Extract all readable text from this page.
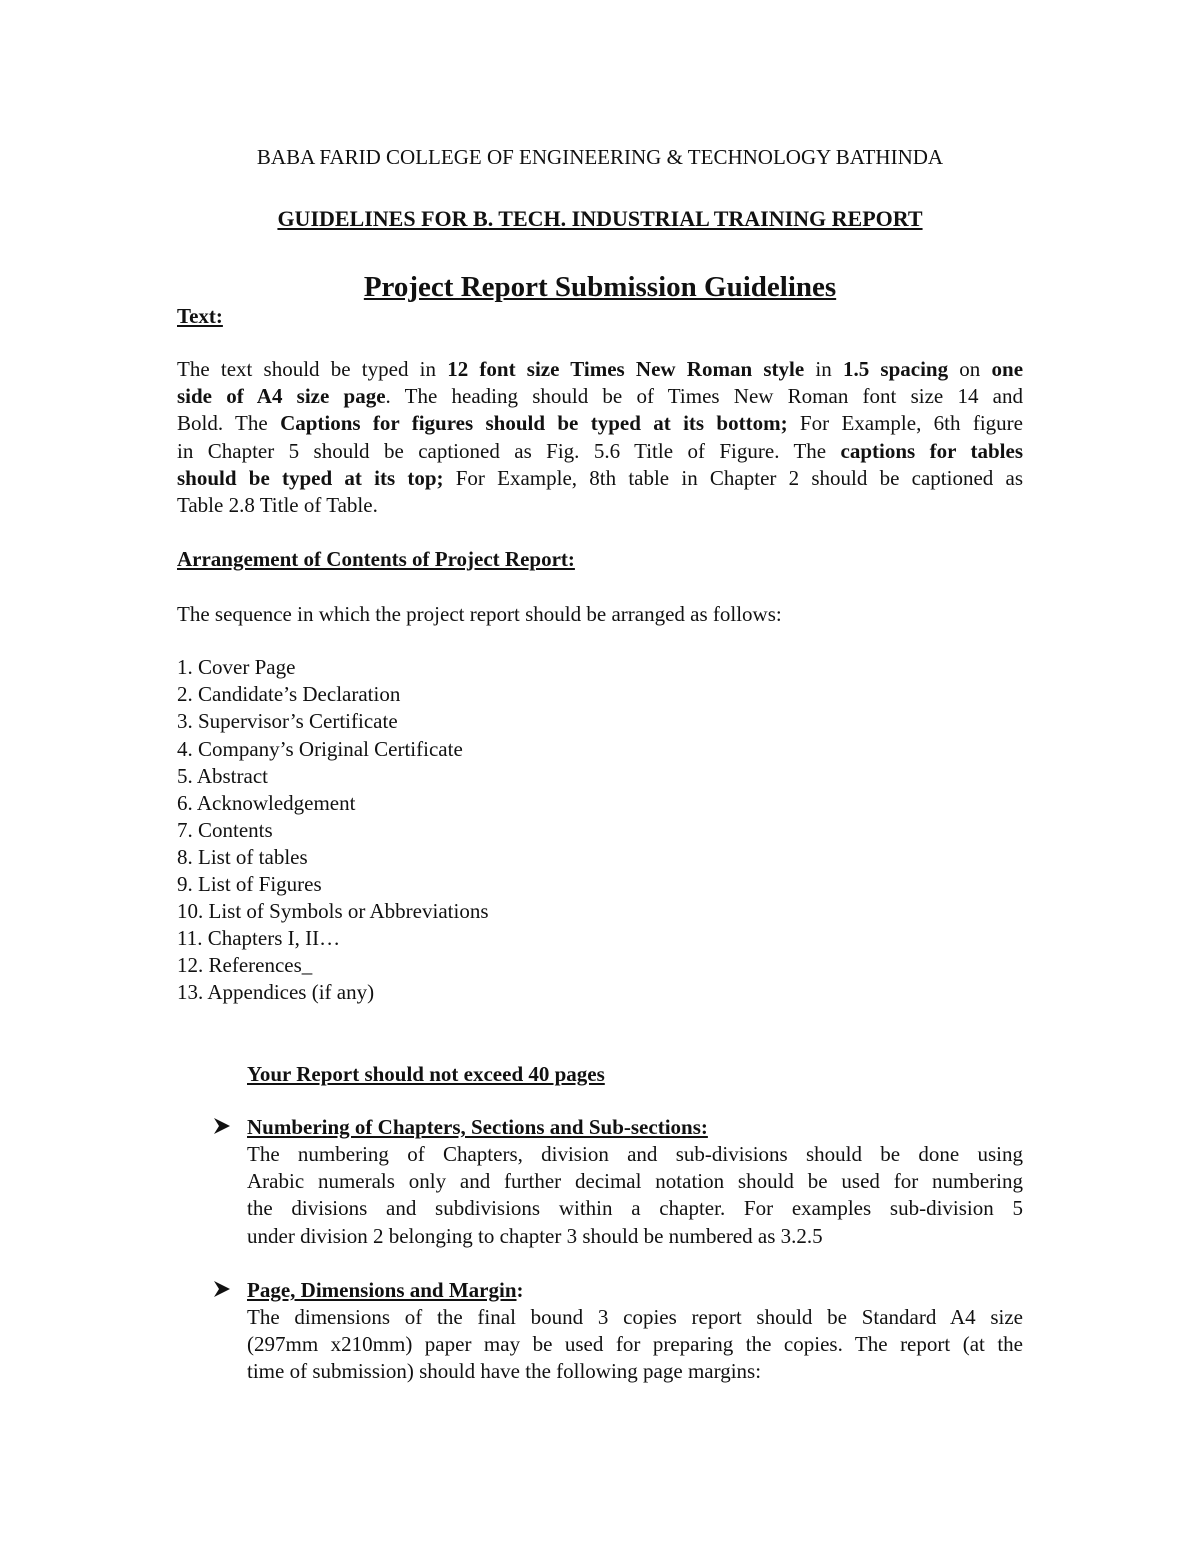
BABA FARID COLLEGE OF ENGINEERING & TECHNOLOGY BATHINDA
GUIDELINES FOR B. TECH. INDUSTRIAL TRAINING REPORT
Project Report Submission Guidelines
Text:
The text should be typed in 12 font size Times New Roman style in 1.5 spacing on one
side of A4 size page. The heading should be of Times New Roman font size 14 and
Bold. The Captions for figures should be typed at its bottom; For Example, 6th figure
in Chapter 5 should be captioned as Fig. 5.6 Title of Figure. The captions for tables
should be typed at its top; For Example, 8th table in Chapter 2 should be captioned as
Table 2.8 Title of Table.
Arrangement of Contents of Project Report:
The sequence in which the project report should be arranged as follows:
1. Cover Page
2. Candidate’s Declaration
3. Supervisor’s Certificate
4. Company’s Original Certificate
5. Abstract
6. Acknowledgement
7. Contents
8. List of tables
9. List of Figures
10. List of Symbols or Abbreviations
11. Chapters I, II…
12. References_
13. Appendices (if any)
Your Report should not exceed 40 pages
Numbering of Chapters, Sections and Sub-sections:
The numbering of Chapters, division and sub-divisions should be done using
Arabic numerals only and further decimal notation should be used for numbering
the divisions and subdivisions within a chapter. For examples sub-division 5
under division 2 belonging to chapter 3 should be numbered as 3.2.5
Page, Dimensions and Margin:
The dimensions of the final bound 3 copies report should be Standard A4 size
(297mm x210mm) paper may be used for preparing the copies. The report (at the
time of submission) should have the following page margins:
